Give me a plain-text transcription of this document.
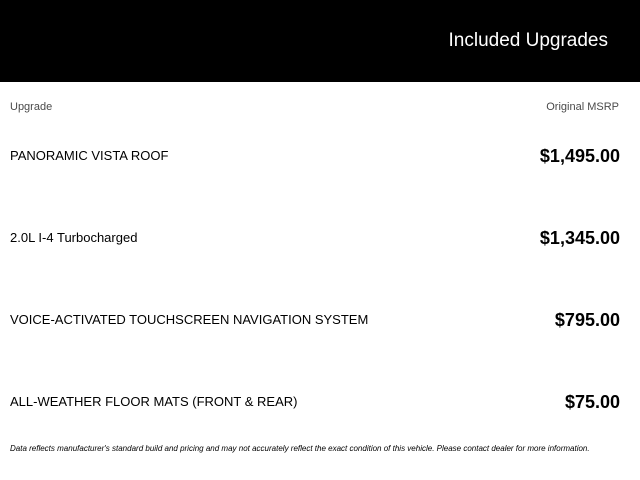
Included Upgrades
Upgrade	Original MSRP
PANORAMIC VISTA ROOF	$1,495.00
2.0L I-4 Turbocharged	$1,345.00
VOICE-ACTIVATED TOUCHSCREEN NAVIGATION SYSTEM	$795.00
ALL-WEATHER FLOOR MATS (FRONT & REAR)	$75.00
Data reflects manufacturer's standard build and pricing and may not accurately reflect the exact condition of this vehicle. Please contact dealer for more information.
